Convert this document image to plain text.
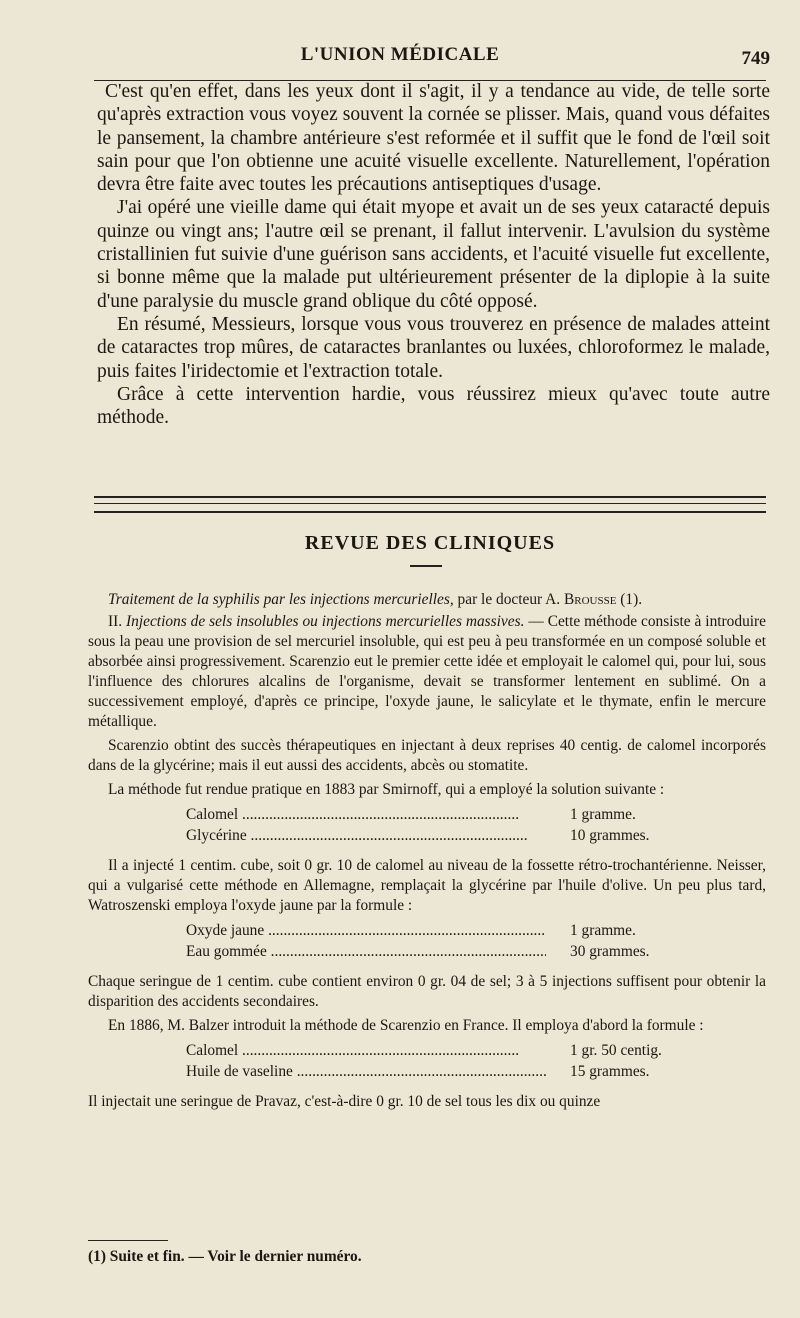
L'UNION MÉDICALE	749

C'est qu'en effet, dans les yeux dont il s'agit, il y a tendance au vide, de telle sorte qu'après extraction vous voyez souvent la cornée se plisser. Mais, quand vous défaites le pansement, la chambre antérieure s'est reformée et il suffit que le fond de l'œil soit sain pour que l'on obtienne une acuité visuelle excellente. Naturellement, l'opération devra être faite avec toutes les précautions antiseptiques d'usage.

J'ai opéré une vieille dame qui était myope et avait un de ses yeux cataracté depuis quinze ou vingt ans; l'autre œil se prenant, il fallut intervenir. L'avulsion du système cristallinien fut suivie d'une guérison sans accidents, et l'acuité visuelle fut excellente, si bonne même que la malade put ultérieurement présenter de la diplopie à la suite d'une paralysie du muscle grand oblique du côté opposé.

En résumé, Messieurs, lorsque vous vous trouverez en présence de malades atteint de cataractes trop mûres, de cataractes branlantes ou luxées, chloroformez le malade, puis faites l'iridectomie et l'extraction totale.

Grâce à cette intervention hardie, vous réussirez mieux qu'avec toute autre méthode.

REVUE DES CLINIQUES

Traitement de la syphilis par les injections mercurielles, par le docteur A. Brousse (1).

II. Injections de sels insolubles ou injections mercurielles massives. — Cette méthode consiste à introduire sous la peau une provision de sel mercuriel insoluble, qui est peu à peu transformée en un composé soluble et absorbée ainsi progressivement. Scarenzio eut le premier cette idée et employait le calomel qui, pour lui, sous l'influence des chlorures alcalins de l'organisme, devait se transformer lentement en sublimé. On a successivement employé, d'après ce principe, l'oxyde jaune, le salicylate et le thymate, enfin le mercure métallique.

Scarenzio obtint des succès thérapeutiques en injectant à deux reprises 40 centig. de calomel incorporés dans de la glycérine; mais il eut aussi des accidents, abcès ou stomatite.

La méthode fut rendue pratique en 1883 par Smirnoff, qui a employé la solution suivante :

Calomel .....	1 gramme.
Glycérine .....	10 grammes.

Il a injecté 1 centim. cube, soit 0 gr. 10 de calomel au niveau de la fossette rétro-trochantérienne. Neisser, qui a vulgarisé cette méthode en Allemagne, remplaçait la glycérine par l'huile d'olive. Un peu plus tard, Watroszenski employa l'oxyde jaune par la formule :

Oxyde jaune .....	1 gramme.
Eau gommée .....	30 grammes.

Chaque seringue de 1 centim. cube contient environ 0 gr. 04 de sel; 3 à 5 injections suffisent pour obtenir la disparition des accidents secondaires.

En 1886, M. Balzer introduit la méthode de Scarenzio en France. Il employa d'abord la formule :

Calomel .....	1 gr. 50 centig.
Huile de vaseline .....	15 grammes.

Il injectait une seringue de Pravaz, c'est-à-dire 0 gr. 10 de sel tous les dix ou quinze

(1) Suite et fin. — Voir le dernier numéro.
